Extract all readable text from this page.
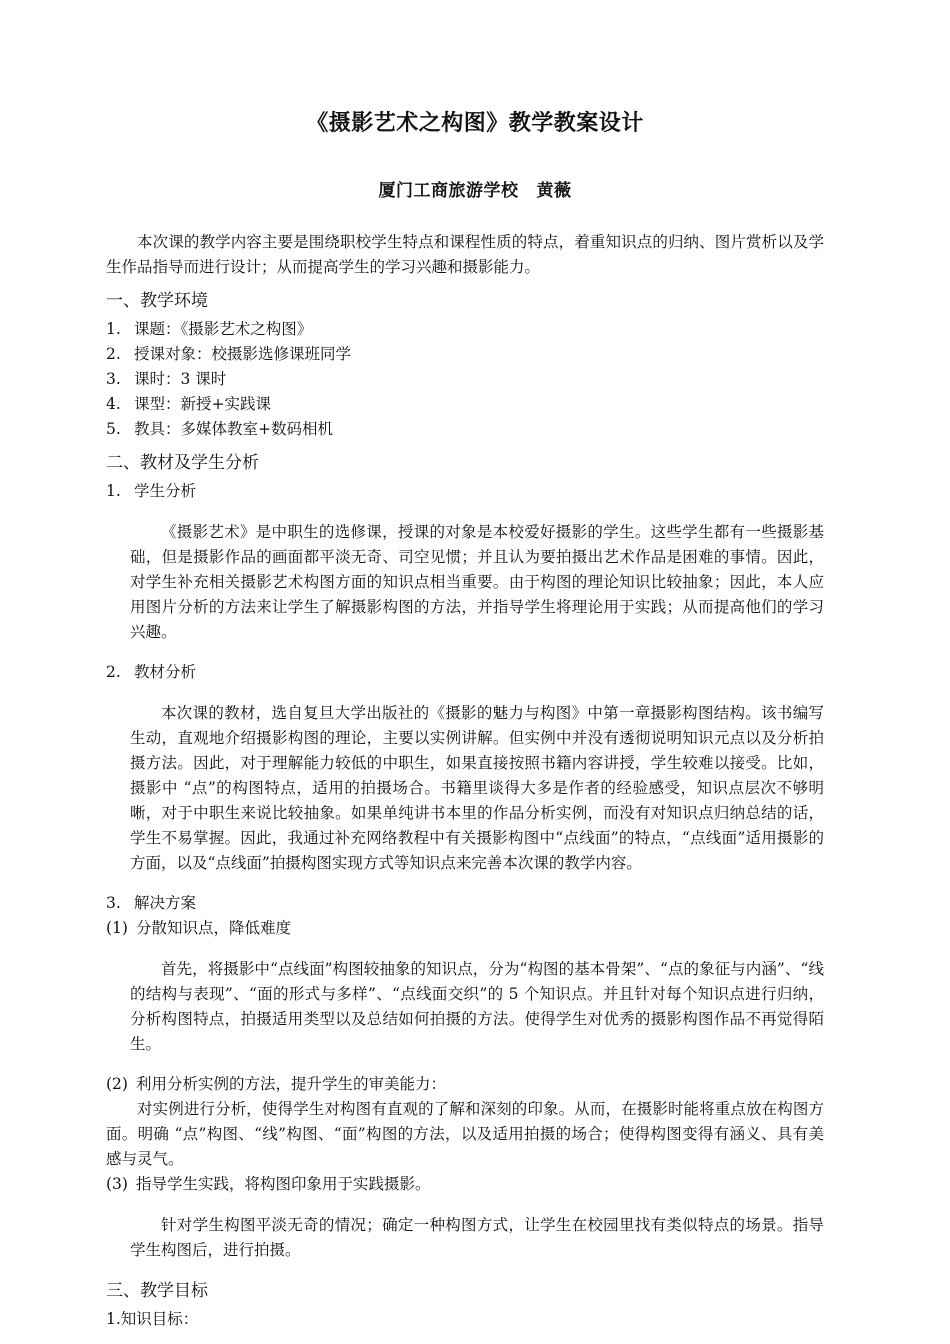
《摄影艺术之构图》教学教案设计
厦门工商旅游学校 黄薇

本次课的教学内容主要是围绕职校学生特点和课程性质的特点，着重知识点的归纳、图片赏析以及学生作品指导而进行设计；从而提高学生的学习兴趣和摄影能力。

一、教学环境

1. 课题：《摄影艺术之构图》

2. 授课对象：校摄影选修课班同学

3. 课时：3 课时

4. 课型：新授+实践课

5. 教具：多媒体教室+数码相机

二、教材及学生分析

1. 学生分析

《摄影艺术》是中职生的选修课，授课的对象是本校爱好摄影的学生。这些学生都有一些摄影基础，但是摄影作品的画面都平淡无奇、司空见惯；并且认为要拍摄出艺术作品是困难的事情。因此，对学生补充相关摄影艺术构图方面的知识点相当重要。由于构图的理论知识比较抽象；因此，本人应用图片分析的方法来让学生了解摄影构图的方法，并指导学生将理论用于实践；从而提高他们的学习兴趣。

2. 教材分析

本次课的教材，选自复旦大学出版社的《摄影的魅力与构图》中第一章摄影构图结构。该书编写生动，直观地介绍摄影构图的理论，主要以实例讲解。但实例中并没有透彻说明知识元点以及分析拍摄方法。因此，对于理解能力较低的中职生，如果直接按照书籍内容讲授，学生较难以接受。比如，摄影中 “点”的构图特点，适用的拍摄场合。书籍里谈得大多是作者的经验感受，知识点层次不够明晰，对于中职生来说比较抽象。如果单纯讲书本里的作品分析实例，而没有对知识点归纳总结的话，学生不易掌握。因此，我通过补充网络教程中有关摄影构图中“点线面”的特点，“点线面”适用摄影的方面，以及“点线面”拍摄构图实现方式等知识点来完善本次课的教学内容。

3. 解决方案

(1) 分散知识点，降低难度

首先，将摄影中“点线面”构图较抽象的知识点，分为“构图的基本骨架”、“点的象征与内涵”、“线的结构与表现”、“面的形式与多样”、“点线面交织”的 5 个知识点。并且针对每个知识点进行归纳，分析构图特点，拍摄适用类型以及总结如何拍摄的方法。使得学生对优秀的摄影构图作品不再觉得陌生。

(2) 利用分析实例的方法，提升学生的审美能力：

对实例进行分析，使得学生对构图有直观的了解和深刻的印象。从而，在摄影时能将重点放在构图方面。明确 “点”构图、“线”构图、“面”构图的方法，以及适用拍摄的场合；使得构图变得有涵义、具有美感与灵气。

(3) 指导学生实践，将构图印象用于实践摄影。

针对学生构图平淡无奇的情况；确定一种构图方式，让学生在校园里找有类似特点的场景。指导学生构图后，进行拍摄。

三、教学目标

1.知识目标：
